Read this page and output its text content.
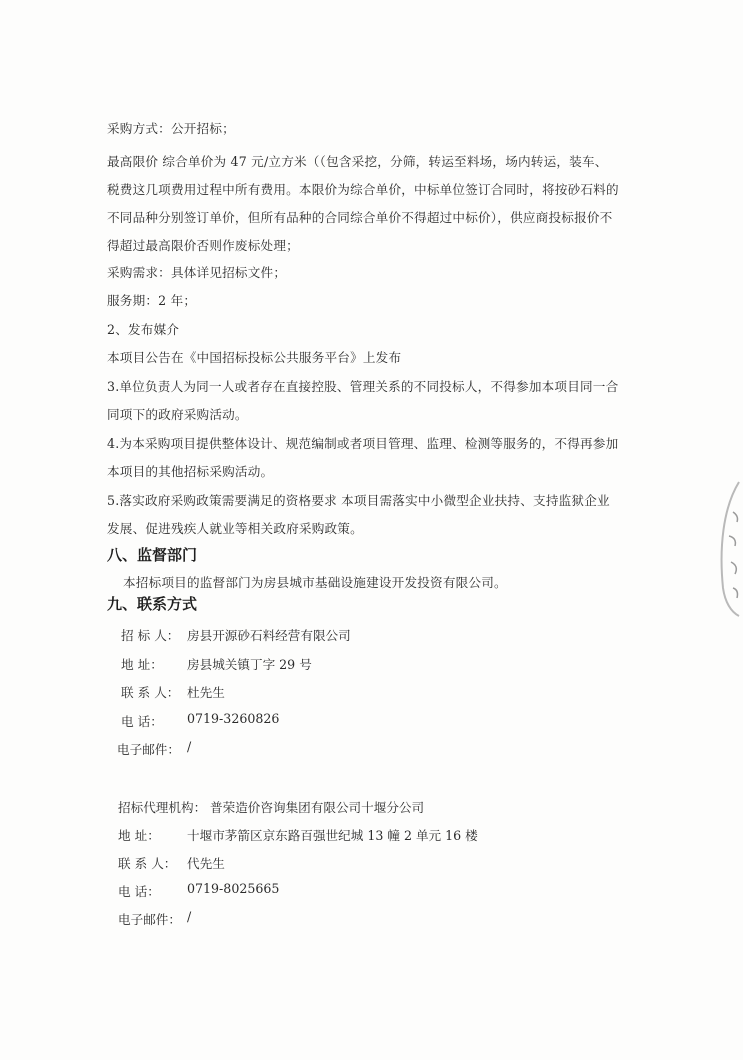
采购方式：公开招标；
最高限价 综合单价为 47 元/立方米（（包含采挖，分筛，转运至料场，场内转运，装车、
税费这几项费用过程中所有费用。本限价为综合单价，中标单位签订合同时，将按砂石料的
不同品种分别签订单价，但所有品种的合同综合单价不得超过中标价），供应商投标报价不
得超过最高限价否则作废标处理；
采购需求：具体详见招标文件；
服务期：2 年；
2、发布媒介
本项目公告在《中国招标投标公共服务平台》上发布
3.单位负责人为同一人或者存在直接控股、管理关系的不同投标人，不得参加本项目同一合
同项下的政府采购活动。
4.为本采购项目提供整体设计、规范编制或者项目管理、监理、检测等服务的，不得再参加
本项目的其他招标采购活动。
5.落实政府采购政策需要满足的资格要求 本项目需落实中小微型企业扶持、支持监狱企业
发展、促进残疾人就业等相关政府采购政策。
八、监督部门
本招标项目的监督部门为房县城市基础设施建设开发投资有限公司。
九、联系方式
招 标 人： 房县开源砂石料经营有限公司
地 址： 房县城关镇丁字 29 号
联 系 人： 杜先生
电 话： 0719-3260826
电子邮件： /
招标代理机构： 普荣造价咨询集团有限公司十堰分公司
地 址： 十堰市茅箭区京东路百强世纪城 13 幢 2 单元 16 楼
联 系 人： 代先生
电 话： 0719-8025665
电子邮件： /
